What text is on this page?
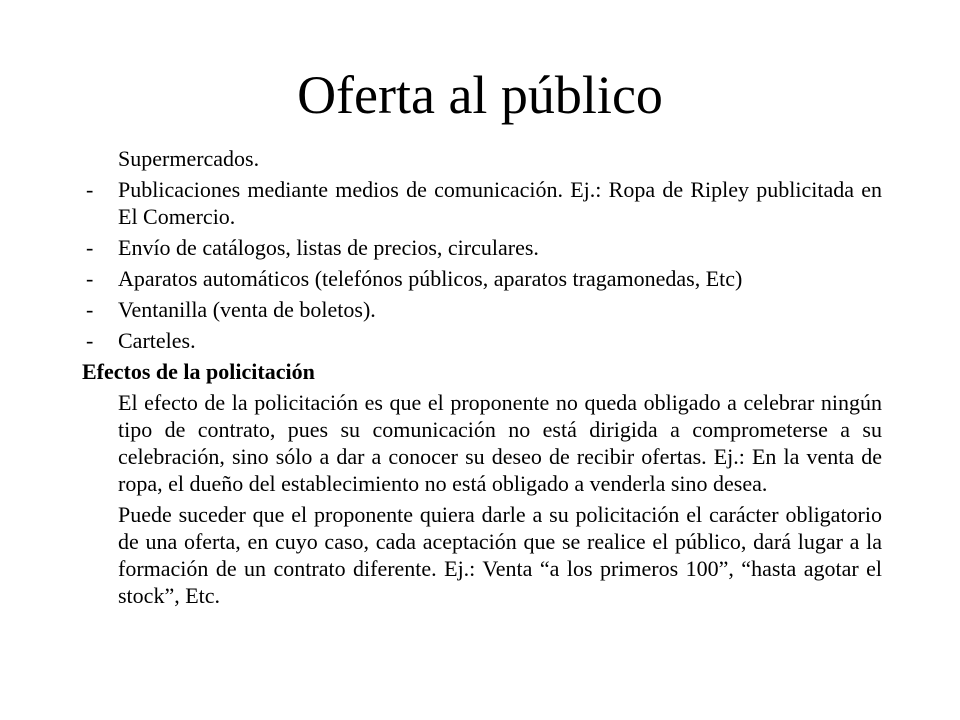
Oferta al público

Supermercados.

-	Publicaciones mediante medios de comunicación. Ej.: Ropa de Ripley publicitada en El Comercio.
-	Envío de catálogos, listas de precios, circulares.
-	Aparatos automáticos (telefónos públicos, aparatos tragamonedas, Etc)
-	Ventanilla (venta de boletos).
-	Carteles.

Efectos de la policitación

El efecto de la policitación es que el proponente no queda obligado a celebrar ningún tipo de contrato, pues su comunicación no está dirigida a comprometerse a su celebración, sino sólo a dar a conocer su deseo de recibir ofertas. Ej.: En la venta de ropa, el dueño del establecimiento no está obligado a venderla sino desea.

Puede suceder que el proponente quiera darle a su policitación el carácter obligatorio de una oferta, en cuyo caso, cada aceptación que se realice el público, dará lugar a la formación de un contrato diferente. Ej.: Venta “a los primeros 100”, “hasta agotar el stock”, Etc.
